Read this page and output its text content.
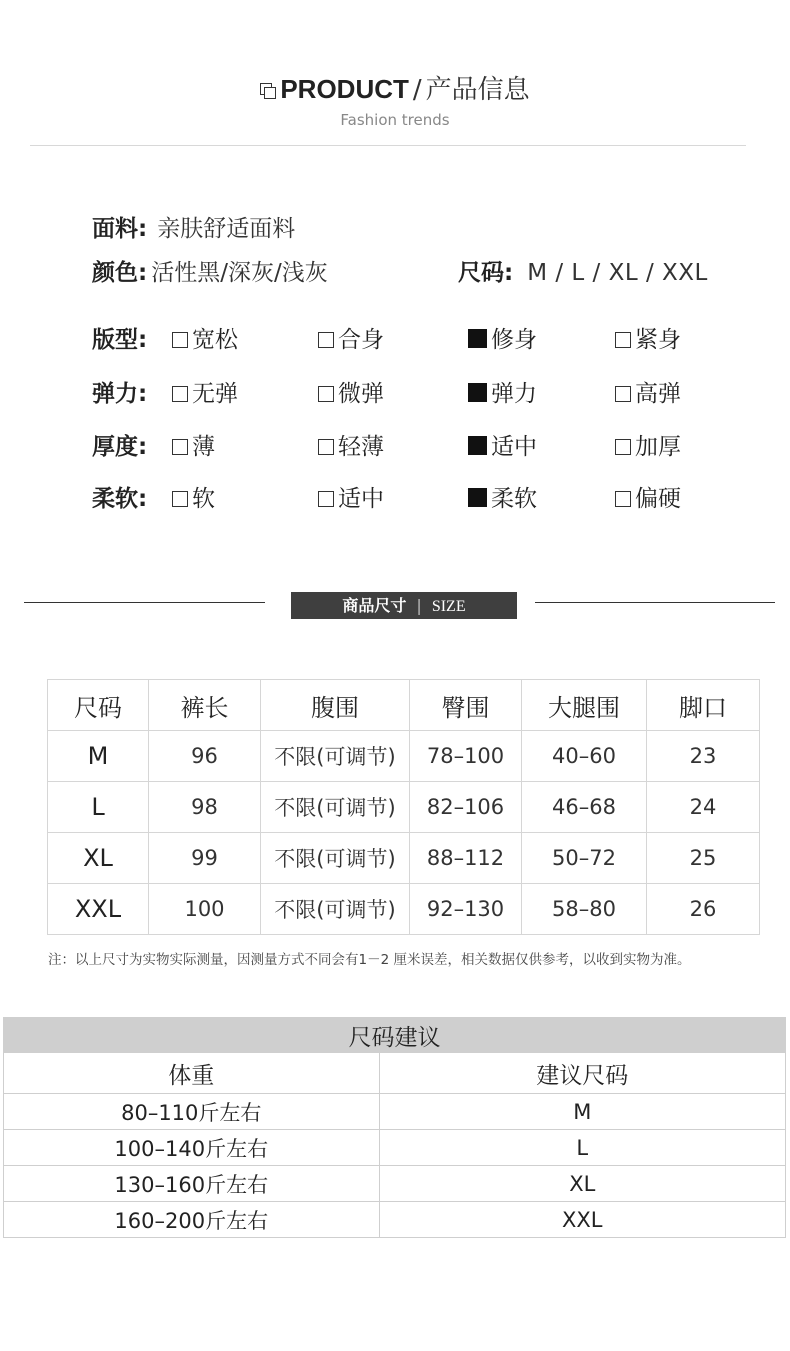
PRODUCT / 产品信息
Fashion trends
面料: 亲肤舒适面料
颜色: 活性黑/深灰/浅灰	尺码: M / L / XL / XXL
版型:	宽松	合身	修身	紧身
弹力:	无弹	微弹	弹力	高弹
厚度:	薄	轻薄	适中	加厚
柔软:	软	适中	柔软	偏硬
商品尺寸 | SIZE
尺码	裤长	腹围	臀围	大腿围	脚口
M	96	不限(可调节)	78–100	40–60	23
L	98	不限(可调节)	82–106	46–68	24
XL	99	不限(可调节)	88–112	50–72	25
XXL	100	不限(可调节)	92–130	58–80	26
注：以上尺寸为实物实际测量，因测量方式不同会有1－2 厘米误差，相关数据仅供参考，以收到实物为准。
尺码建议	
体重	建议尺码
80–110斤左右	M
100–140斤左右	L
130–160斤左右	XL
160–200斤左右	XXL
